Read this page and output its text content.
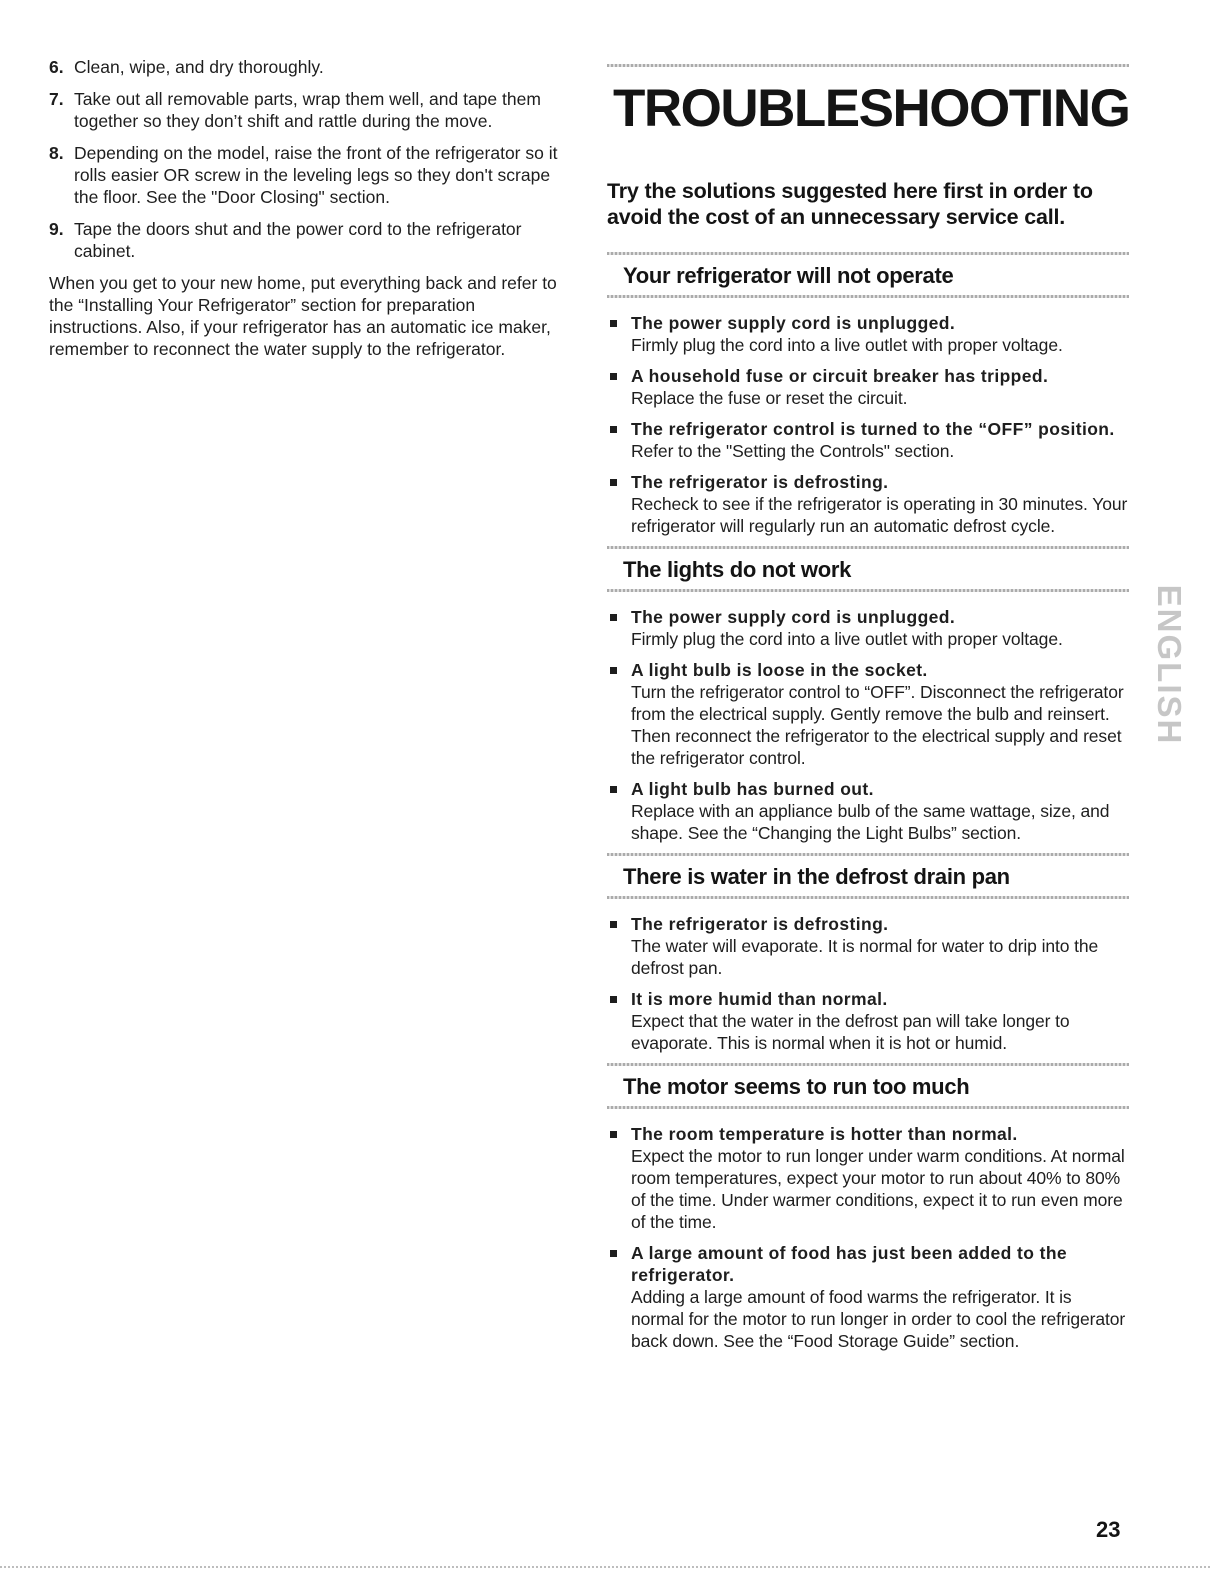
6. Clean, wipe, and dry thoroughly.
7. Take out all removable parts, wrap them well, and tape them together so they don’t shift and rattle during the move.
8. Depending on the model, raise the front of the refrigerator so it rolls easier OR screw in the leveling legs so they don't scrape the floor. See the "Door Closing" section.
9. Tape the doors shut and the power cord to the refrigerator cabinet.
When you get to your new home, put everything back and refer to the “Installing Your Refrigerator” section for preparation instructions. Also, if your refrigerator has an automatic ice maker, remember to reconnect the water supply to the refrigerator.
TROUBLESHOOTING
Try the solutions suggested here first in order to avoid the cost of an unnecessary service call.
Your refrigerator will not operate
The power supply cord is unplugged.
Firmly plug the cord into a live outlet with proper voltage.
A household fuse or circuit breaker has tripped.
Replace the fuse or reset the circuit.
The refrigerator control is turned to the “OFF” position.
Refer to the "Setting the Controls" section.
The refrigerator is defrosting.
Recheck to see if the refrigerator is operating in 30 minutes. Your refrigerator will regularly run an automatic defrost cycle.
The lights do not work
The power supply cord is unplugged.
Firmly plug the cord into a live outlet with proper voltage.
A light bulb is loose in the socket.
Turn the refrigerator control to “OFF”. Disconnect the refrigerator from the electrical supply. Gently remove the bulb and reinsert. Then reconnect the refrigerator to the electrical supply and reset the refrigerator control.
A light bulb has burned out.
Replace with an appliance bulb of the same wattage, size, and shape. See the “Changing the Light Bulbs” section.
There is water in the defrost drain pan
The refrigerator is defrosting.
The water will evaporate. It is normal for water to drip into the defrost pan.
It is more humid than normal.
Expect that the water in the defrost pan will take longer to evaporate. This is normal when it is hot or humid.
The motor seems to run too much
The room temperature is hotter than normal.
Expect the motor to run longer under warm conditions. At normal room temperatures, expect your motor to run about 40% to 80% of the time. Under warmer conditions, expect it to run even more of the time.
A large amount of food has just been added to the refrigerator.
Adding a large amount of food warms the refrigerator. It is normal for the motor to run longer in order to cool the refrigerator back down. See the “Food Storage Guide” section.
ENGLISH
23
